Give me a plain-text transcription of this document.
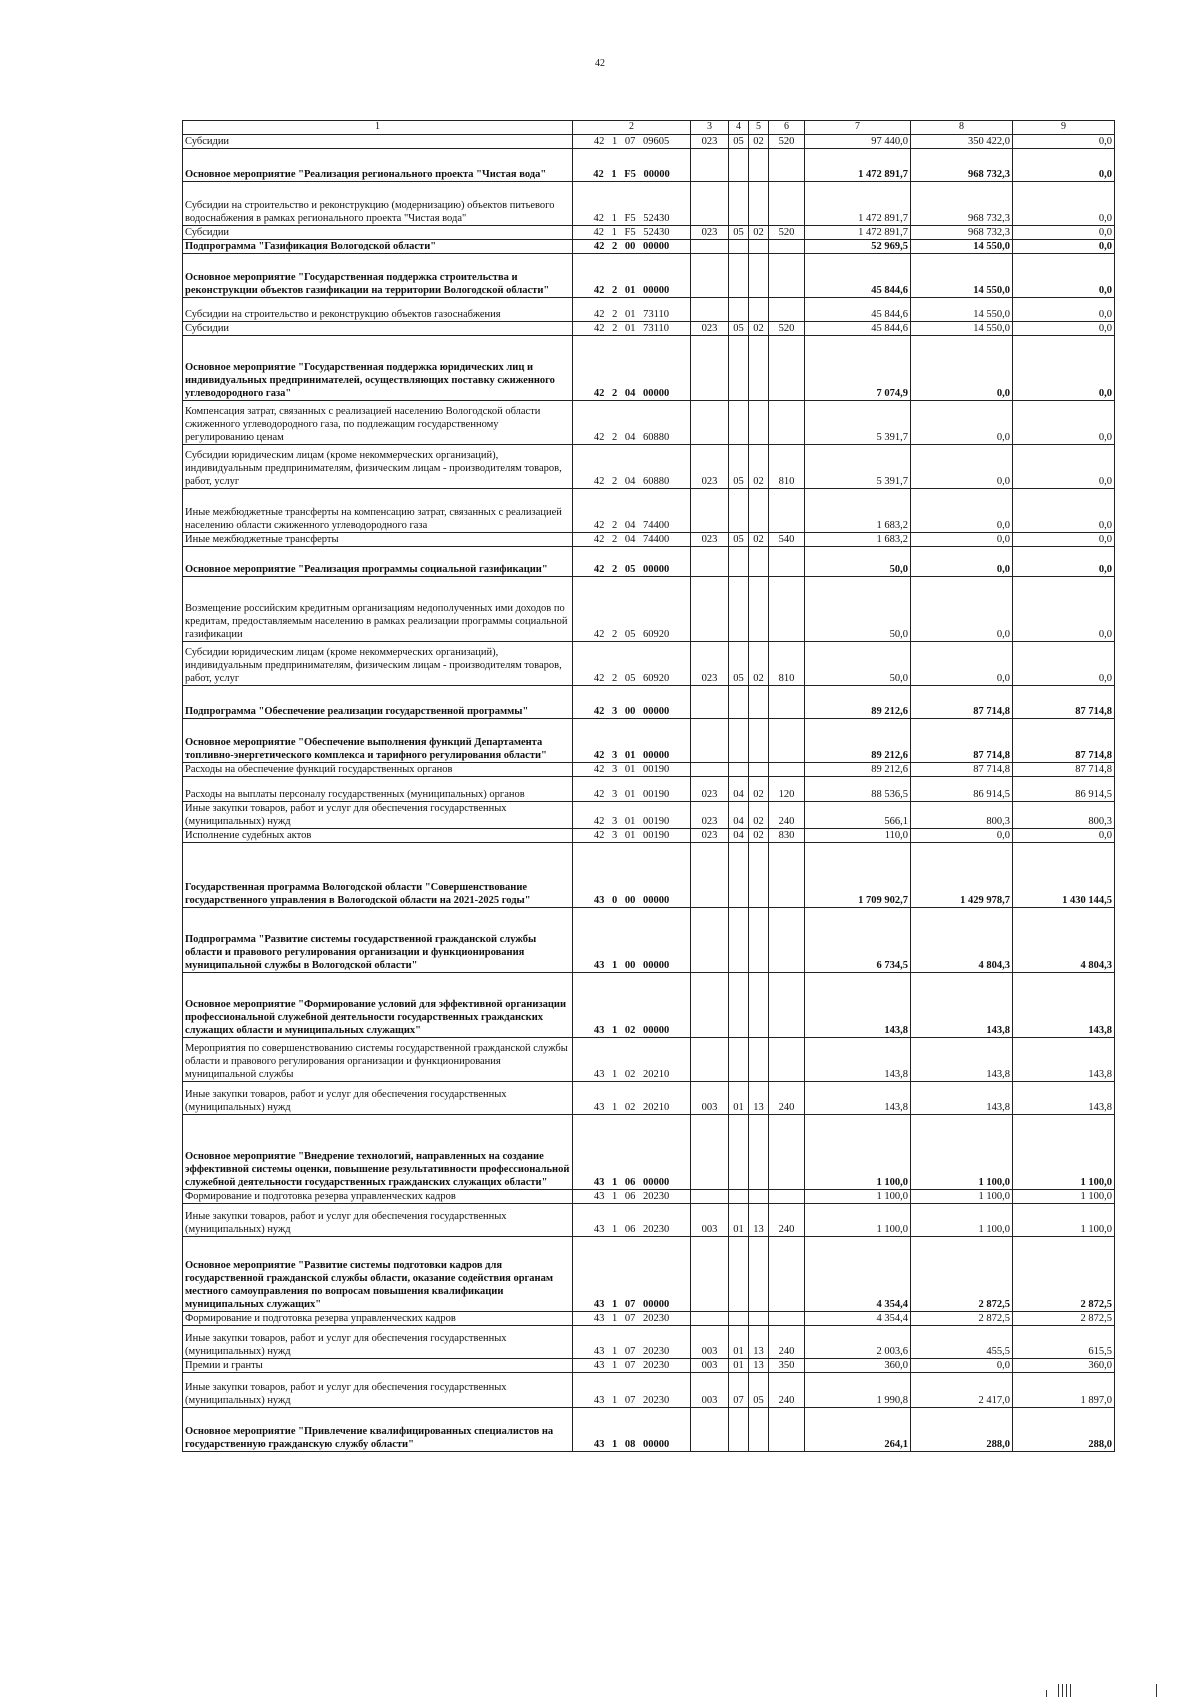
42
1	2	3	4	5	6	7	8	9
Субсидии	42 1 07 09605	023	05	02	520	97 440,0	350 422,0	0,0
Основное мероприятие "Реализация регионального проекта "Чистая вода"	42 1 F5 00000					1 472 891,7	968 732,3	0,0
Субсидии на строительство и реконструкцию (модернизацию) объектов питьевого водоснабжения в рамках регионального проекта "Чистая вода"	42 1 F5 52430					1 472 891,7	968 732,3	0,0
Субсидии	42 1 F5 52430	023	05	02	520	1 472 891,7	968 732,3	0,0
Подпрограмма "Газификация Вологодской области"	42 2 00 00000					52 969,5	14 550,0	0,0
Основное мероприятие "Государственная поддержка строительства и реконструкции объектов газификации на территории Вологодской области"	42 2 01 00000					45 844,6	14 550,0	0,0
Субсидии на строительство и реконструкцию объектов газоснабжения	42 2 01 73110					45 844,6	14 550,0	0,0
Субсидии	42 2 01 73110	023	05	02	520	45 844,6	14 550,0	0,0
Основное мероприятие "Государственная поддержка юридических лиц и индивидуальных предпринимателей, осуществляющих поставку сжиженного углеводородного газа"	42 2 04 00000					7 074,9	0,0	0,0
Компенсация затрат, связанных с реализацией населению Вологодской области сжиженного углеводородного газа, по подлежащим государственному регулированию ценам	42 2 04 60880					5 391,7	0,0	0,0
Субсидии юридическим лицам (кроме некоммерческих организаций), индивидуальным предпринимателям, физическим лицам - производителям товаров, работ, услуг	42 2 04 60880	023	05	02	810	5 391,7	0,0	0,0
Иные межбюджетные трансферты на компенсацию затрат, связанных с реализацией населению области сжиженного углеводородного газа	42 2 04 74400					1 683,2	0,0	0,0
Иные межбюджетные трансферты	42 2 04 74400	023	05	02	540	1 683,2	0,0	0,0
Основное мероприятие "Реализация программы социальной газификации"	42 2 05 00000					50,0	0,0	0,0
Возмещение российским кредитным организациям недополученных ими доходов по кредитам, предоставляемым населению в рамках реализации программы социальной газификации	42 2 05 60920					50,0	0,0	0,0
Субсидии юридическим лицам (кроме некоммерческих организаций), индивидуальным предпринимателям, физическим лицам - производителям товаров, работ, услуг	42 2 05 60920	023	05	02	810	50,0	0,0	0,0
Подпрограмма "Обеспечение реализации государственной программы"	42 3 00 00000					89 212,6	87 714,8	87 714,8
Основное мероприятие "Обеспечение выполнения функций Департамента топливно-энергетического комплекса и тарифного регулирования области"	42 3 01 00000					89 212,6	87 714,8	87 714,8
Расходы на обеспечение функций государственных органов	42 3 01 00190					89 212,6	87 714,8	87 714,8
Расходы на выплаты персоналу государственных (муниципальных) органов	42 3 01 00190	023	04	02	120	88 536,5	86 914,5	86 914,5
Иные закупки товаров, работ и услуг для обеспечения государственных (муниципальных) нужд	42 3 01 00190	023	04	02	240	566,1	800,3	800,3
Исполнение судебных актов	42 3 01 00190	023	04	02	830	110,0	0,0	0,0
Государственная программа Вологодской области "Совершенствование государственного управления в Вологодской области на 2021-2025 годы"	43 0 00 00000					1 709 902,7	1 429 978,7	1 430 144,5
Подпрограмма "Развитие системы государственной гражданской службы области и правового регулирования организации и функционирования муниципальной службы в Вологодской области"	43 1 00 00000					6 734,5	4 804,3	4 804,3
Основное мероприятие "Формирование условий для эффективной организации профессиональной служебной деятельности государственных гражданских служащих области и муниципальных служащих"	43 1 02 00000					143,8	143,8	143,8
Мероприятия по совершенствованию системы государственной гражданской службы области и правового регулирования организации и функционирования муниципальной службы	43 1 02 20210					143,8	143,8	143,8
Иные закупки товаров, работ и услуг для обеспечения государственных (муниципальных) нужд	43 1 02 20210	003	01	13	240	143,8	143,8	143,8
Основное мероприятие "Внедрение технологий, направленных на создание эффективной системы оценки, повышение результативности профессиональной служебной деятельности государственных гражданских служащих области"	43 1 06 00000					1 100,0	1 100,0	1 100,0
Формирование и подготовка резерва управленческих кадров	43 1 06 20230					1 100,0	1 100,0	1 100,0
Иные закупки товаров, работ и услуг для обеспечения государственных (муниципальных) нужд	43 1 06 20230	003	01	13	240	1 100,0	1 100,0	1 100,0
Основное мероприятие "Развитие системы подготовки кадров для государственной гражданской службы области, оказание содействия органам местного самоуправления по вопросам повышения квалификации муниципальных служащих"	43 1 07 00000					4 354,4	2 872,5	2 872,5
Формирование и подготовка резерва управленческих кадров	43 1 07 20230					4 354,4	2 872,5	2 872,5
Иные закупки товаров, работ и услуг для обеспечения государственных (муниципальных) нужд	43 1 07 20230	003	01	13	240	2 003,6	455,5	615,5
Премии и гранты	43 1 07 20230	003	01	13	350	360,0	0,0	360,0
Иные закупки товаров, работ и услуг для обеспечения государственных (муниципальных) нужд	43 1 07 20230	003	07	05	240	1 990,8	2 417,0	1 897,0
Основное мероприятие "Привлечение квалифицированных специалистов на государственную гражданскую службу области"	43 1 08 00000					264,1	288,0	288,0
